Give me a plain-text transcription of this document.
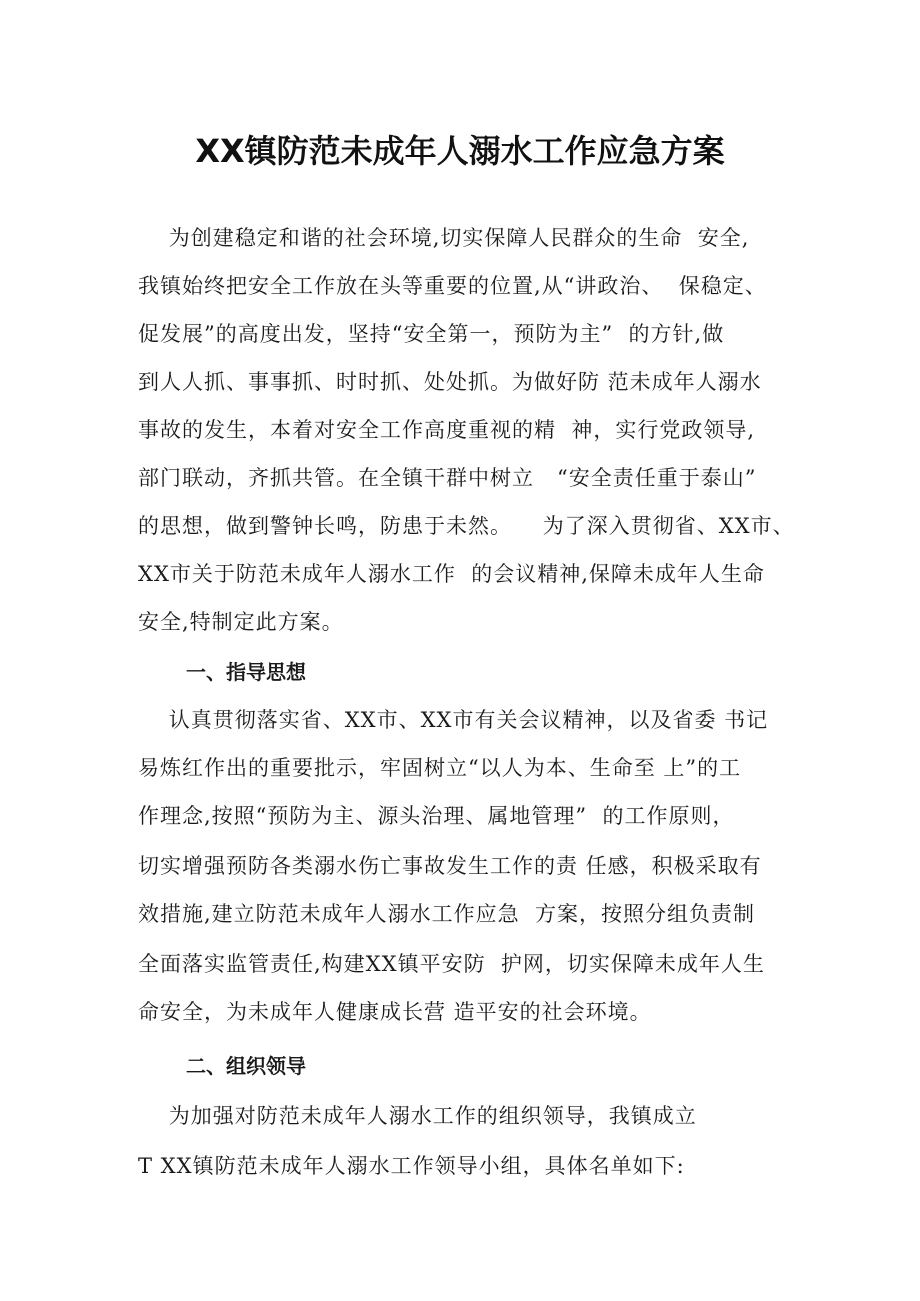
XX镇防范未成年人溺水工作应急方案
为创建稳定和谐的社会环境,切实保障人民群众的生命  安全,
我镇始终把安全工作放在头等重要的位置,从“讲政治、  保稳定、
促发展”的高度出发，坚持“安全第一，预防为主”  的方针,做
到人人抓、事事抓、时时抓、处处抓。为做好防 范未成年人溺水
事故的发生，本着对安全工作高度重视的精  神，实行党政领导,
部门联动，齐抓共管。在全镇干群中树立   “安全责任重于泰山”
的思想，做到警钟长鸣，防患于未然。    为了深入贯彻省、XX市、
XX市关于防范未成年人溺水工作  的会议精神,保障未成年人生命
安全,特制定此方案。
一、指导思想
认真贯彻落实省、XX市、XX市有关会议精神，以及省委 书记
易炼红作出的重要批示，牢固树立“以人为本、生命至 上”的工
作理念,按照“预防为主、源头治理、属地管理”  的工作原则，
切实增强预防各类溺水伤亡事故发生工作的责 任感，积极采取有
效措施,建立防范未成年人溺水工作应急  方案，按照分组负责制
全面落实监管责任,构建XX镇平安防  护网，切实保障未成年人生
命安全，为未成年人健康成长营 造平安的社会环境。
二、组织领导
为加强对防范未成年人溺水工作的组织领导，我镇成立
T XX镇防范未成年人溺水工作领导小组，具体名单如下:
